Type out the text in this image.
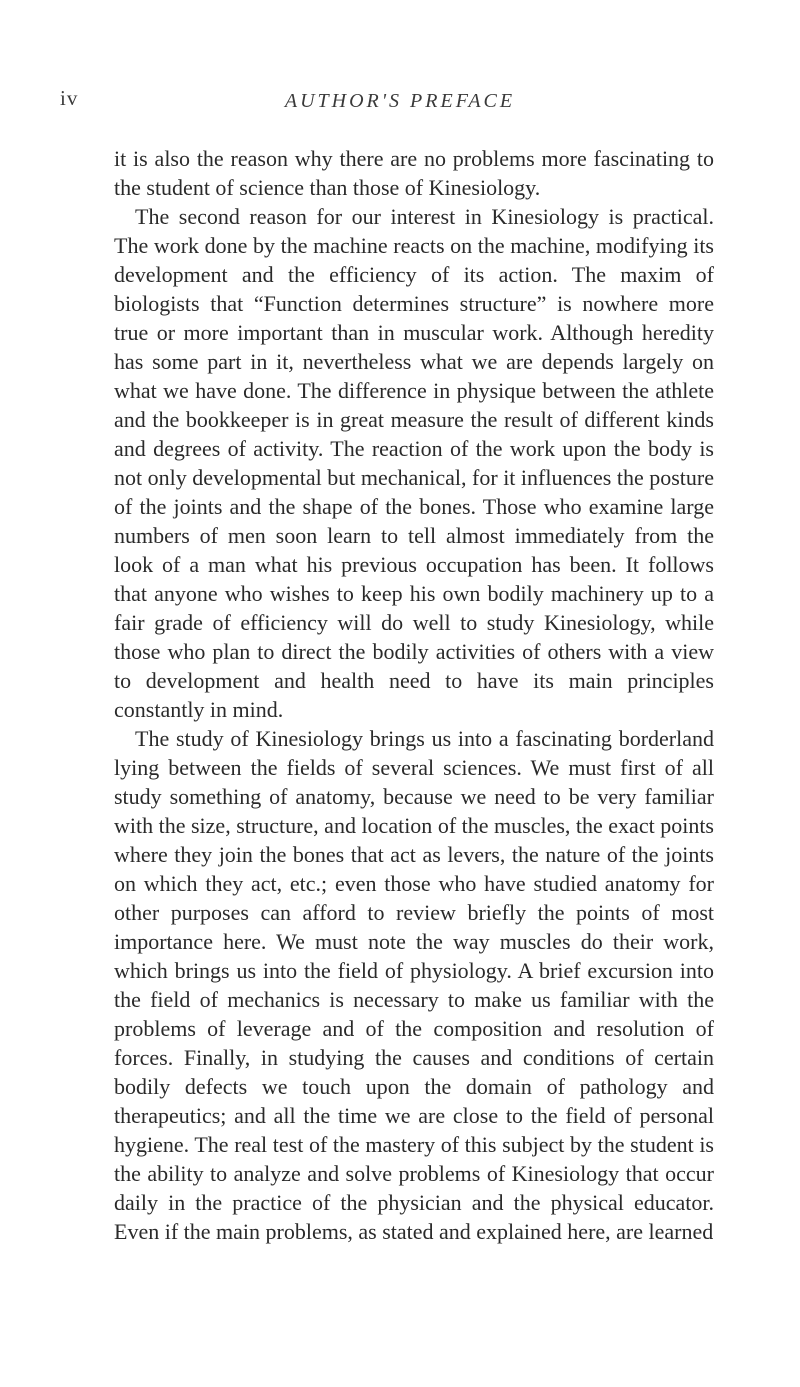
iv	AUTHOR'S PREFACE

it is also the reason why there are no problems more fascinating to the student of science than those of Kinesiology.

The second reason for our interest in Kinesiology is practical. The work done by the machine reacts on the machine, modifying its development and the efficiency of its action. The maxim of biologists that “Function determines structure” is nowhere more true or more important than in muscular work. Although heredity has some part in it, nevertheless what we are depends largely on what we have done. The difference in physique between the athlete and the bookkeeper is in great measure the result of different kinds and degrees of activity. The reaction of the work upon the body is not only developmental but mechanical, for it influences the posture of the joints and the shape of the bones. Those who examine large numbers of men soon learn to tell almost immediately from the look of a man what his previous occupation has been. It follows that anyone who wishes to keep his own bodily machinery up to a fair grade of efficiency will do well to study Kinesiology, while those who plan to direct the bodily activities of others with a view to development and health need to have its main principles constantly in mind.

The study of Kinesiology brings us into a fascinating borderland lying between the fields of several sciences. We must first of all study something of anatomy, because we need to be very familiar with the size, structure, and location of the muscles, the exact points where they join the bones that act as levers, the nature of the joints on which they act, etc.; even those who have studied anatomy for other purposes can afford to review briefly the points of most importance here. We must note the way muscles do their work, which brings us into the field of physiology. A brief excursion into the field of mechanics is necessary to make us familiar with the problems of leverage and of the composition and resolution of forces. Finally, in studying the causes and conditions of certain bodily defects we touch upon the domain of pathology and therapeutics; and all the time we are close to the field of personal hygiene. The real test of the mastery of this subject by the student is the ability to analyze and solve problems of Kinesiology that occur daily in the practice of the physician and the physical educator. Even if the main problems, as stated and explained here, are learned
